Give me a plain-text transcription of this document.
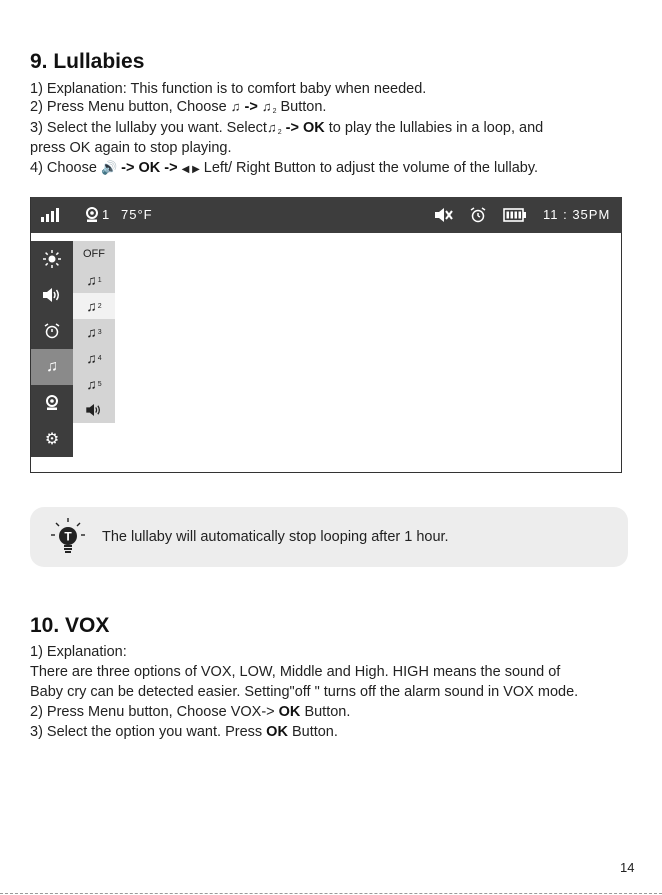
9. Lullabies
1) Explanation: This function is to comfort baby when needed.
2) Press Menu button, Choose ♫ -> $♫_2$ Button.
3) Select the lullaby you want. $Select♫_2$ -> OK to play the lullabies in a loop, and
press OK again to stop playing.
4) Choose 🔊 -> OK -> ◀ ▶ Left/ Right Button to adjust the volume of the lullaby.
1 75°F	11 : 35PM
♫
⚙
OFF
♫ 1
♫ 2
♫ 3
♫ 4
♫ 5
T The lullaby will automatically stop looping after 1 hour.
10. VOX
1) Explanation:
There are three options of VOX, LOW, Middle and High. HIGH means the sound of
Baby cry can be detected easier. Setting"off " turns off the alarm sound in VOX mode.
2) Press Menu button, Choose VOX-> OK Button.
3) Select the option you want. Press OK Button.
14
